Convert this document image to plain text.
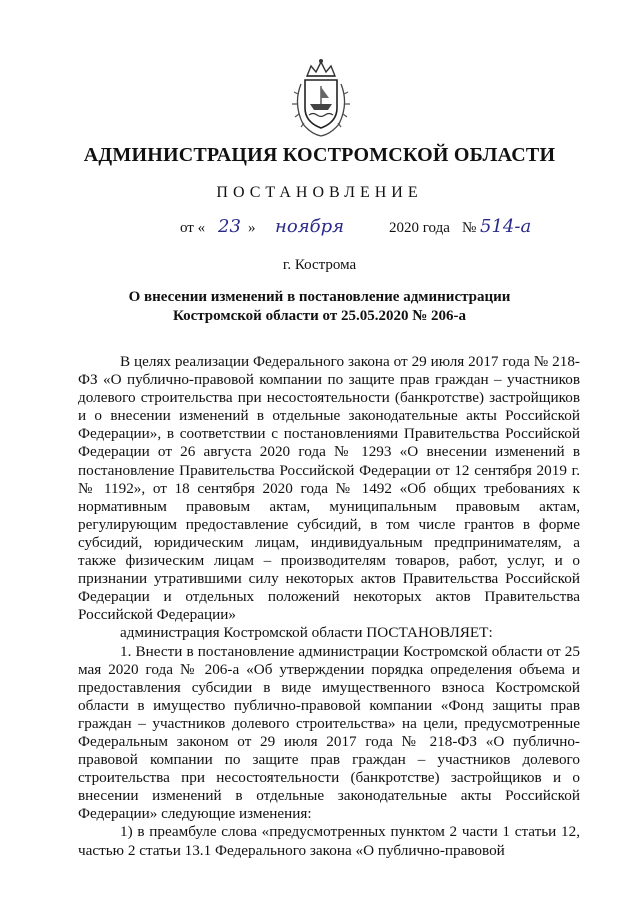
АДМИНИСТРАЦИЯ КОСТРОМСКОЙ ОБЛАСТИ
ПОСТАНОВЛЕНИЕ
от « 23 » ноября	2020 года № 514-а
г. Кострома
О внесении изменений в постановление администрации
Костромской области от 25.05.2020 № 206-а

В целях реализации Федерального закона от 29 июля 2017 года № 218-ФЗ «О публично-правовой компании по защите прав граждан – участников долевого строительства при несостоятельности (банкротстве) застройщиков и о внесении изменений в отдельные законодательные акты Российской Федерации», в соответствии с постановлениями Правительства Российской Федерации от 26 августа 2020 года № 1293 «О внесении изменений в постановление Правительства Российской Федерации от 12 сентября 2019 г. № 1192», от 18 сентября 2020 года № 1492 «Об общих требованиях к нормативным правовым актам, муниципальным правовым актам, регулирующим предоставление субсидий, в том числе грантов в форме субсидий, юридическим лицам, индивидуальным предпринимателям, а также физическим лицам – производителям товаров, работ, услуг, и о признании утратившими силу некоторых актов Правительства Российской Федерации и отдельных положений некоторых актов Правительства Российской Федерации»

администрация Костромской области ПОСТАНОВЛЯЕТ:

1. Внести в постановление администрации Костромской области от 25 мая 2020 года № 206-а «Об утверждении порядка определения объема и предоставления субсидии в виде имущественного взноса Костромской области в имущество публично-правовой компании «Фонд защиты прав граждан – участников долевого строительства» на цели, предусмотренные Федеральным законом от 29 июля 2017 года № 218-ФЗ «О публично-правовой компании по защите прав граждан – участников долевого строительства при несостоятельности (банкротстве) застройщиков и о внесении изменений в отдельные законодательные акты Российской Федерации» следующие изменения:

1) в преамбуле слова «предусмотренных пунктом 2 части 1 статьи 12, частью 2 статьи 13.1 Федерального закона «О публично-правовой
